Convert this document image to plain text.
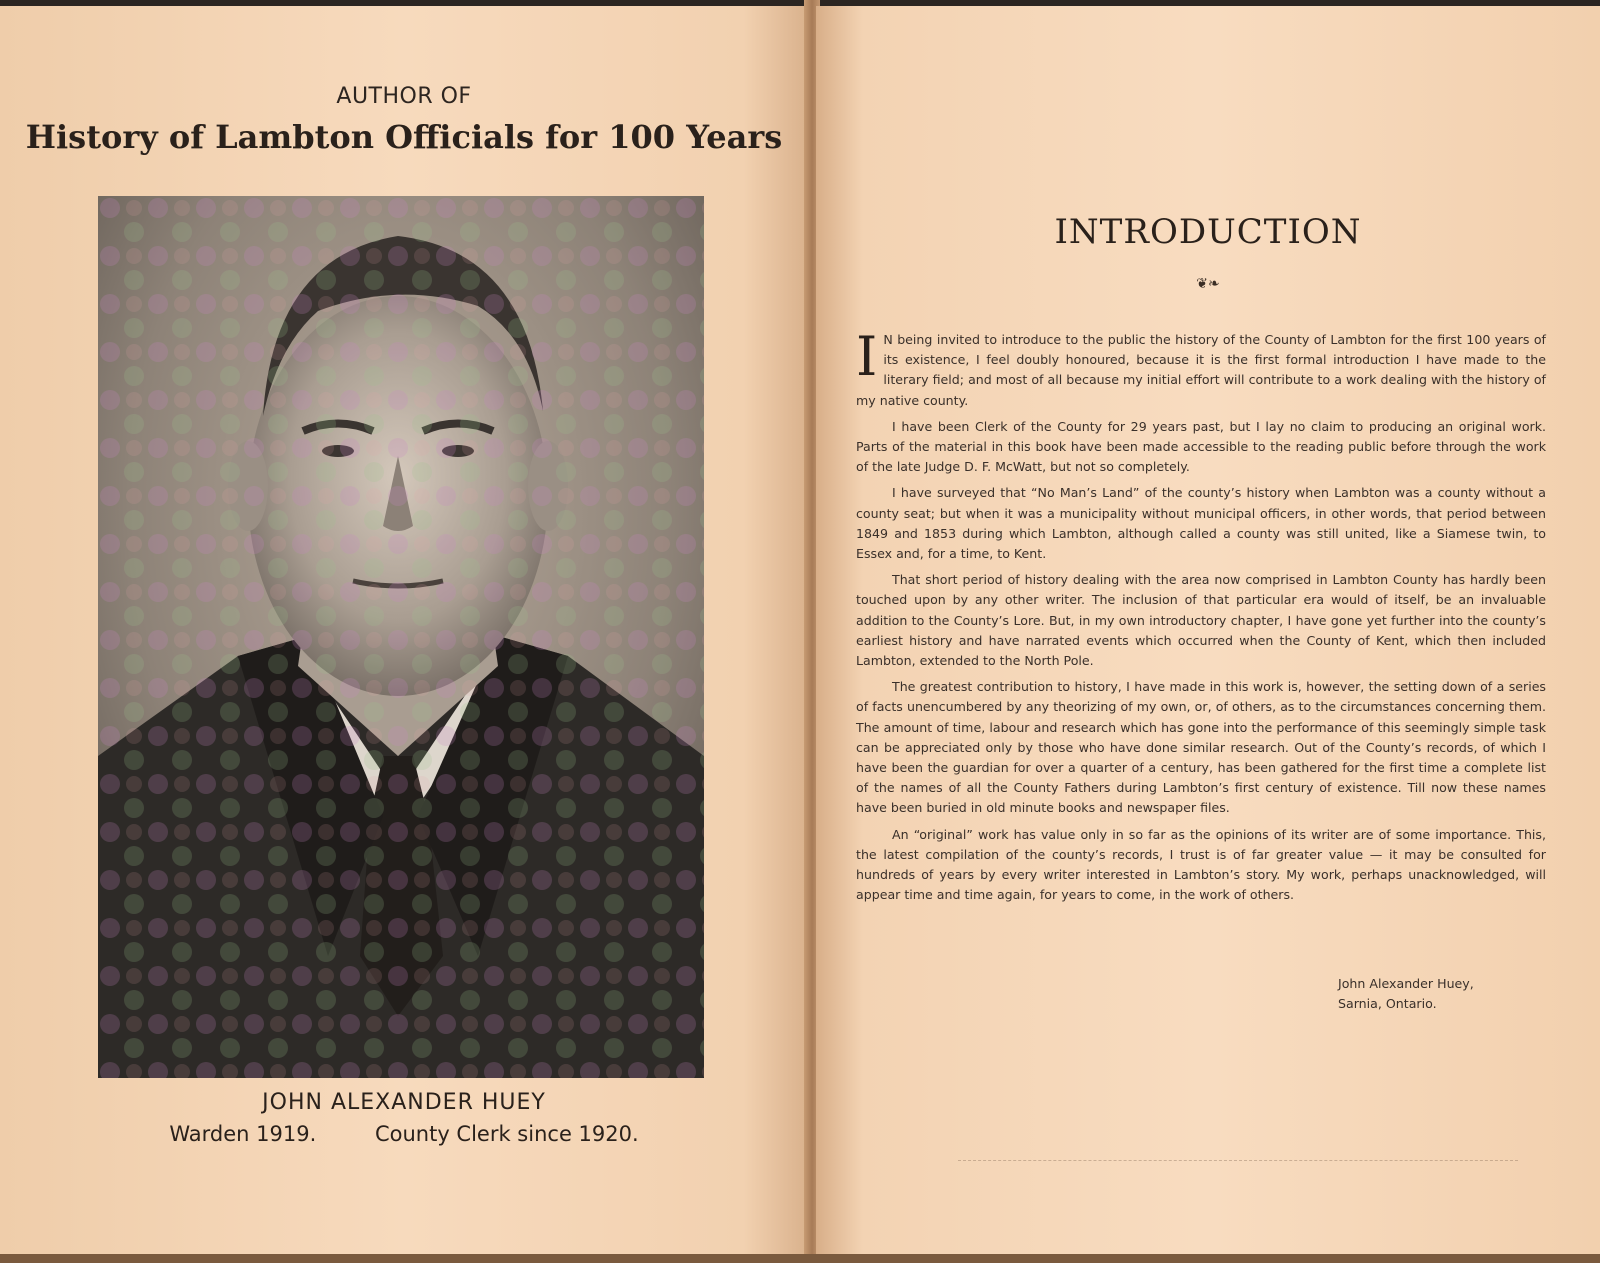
AUTHOR OF
History of Lambton Officials for 100 Years
JOHN ALEXANDER HUEY
Warden 1919.	County Clerk since 1920.
INTRODUCTION
❦❧

I N being invited to introduce to the public the history of the County of Lambton for the first 100 years of its existence, I feel doubly honoured, because it is the first formal introduction I have made to the literary field; and most of all because my initial effort will contribute to a work dealing with the history of my native county.

I have been Clerk of the County for 29 years past, but I lay no claim to producing an original work. Parts of the material in this book have been made accessible to the reading public before through the work of the late Judge D. F. McWatt, but not so completely.

I have surveyed that “No Man’s Land” of the county’s history when Lambton was a county without a county seat; but when it was a municipality without municipal officers, in other words, that period between 1849 and 1853 during which Lambton, although called a county was still united, like a Siamese twin, to Essex and, for a time, to Kent.

That short period of history dealing with the area now comprised in Lambton County has hardly been touched upon by any other writer. The inclusion of that particular era would of itself, be an invaluable addition to the County’s Lore. But, in my own introductory chapter, I have gone yet further into the county’s earliest history and have narrated events which occurred when the County of Kent, which then included Lambton, extended to the North Pole.

The greatest contribution to history, I have made in this work is, however, the setting down of a series of facts unencumbered by any theorizing of my own, or, of others, as to the circumstances concerning them. The amount of time, labour and research which has gone into the performance of this seemingly simple task can be appreciated only by those who have done similar research. Out of the County’s records, of which I have been the guardian for over a quarter of a century, has been gathered for the first time a complete list of the names of all the County Fathers during Lambton’s first century of existence. Till now these names have been buried in old minute books and newspaper files.

An “original” work has value only in so far as the opinions of its writer are of some importance. This, the latest compilation of the county’s records, I trust is of far greater value — it may be consulted for hundreds of years by every writer interested in Lambton’s story. My work, perhaps unacknowledged, will appear time and time again, for years to come, in the work of others.

John Alexander Huey,
Sarnia, Ontario.
